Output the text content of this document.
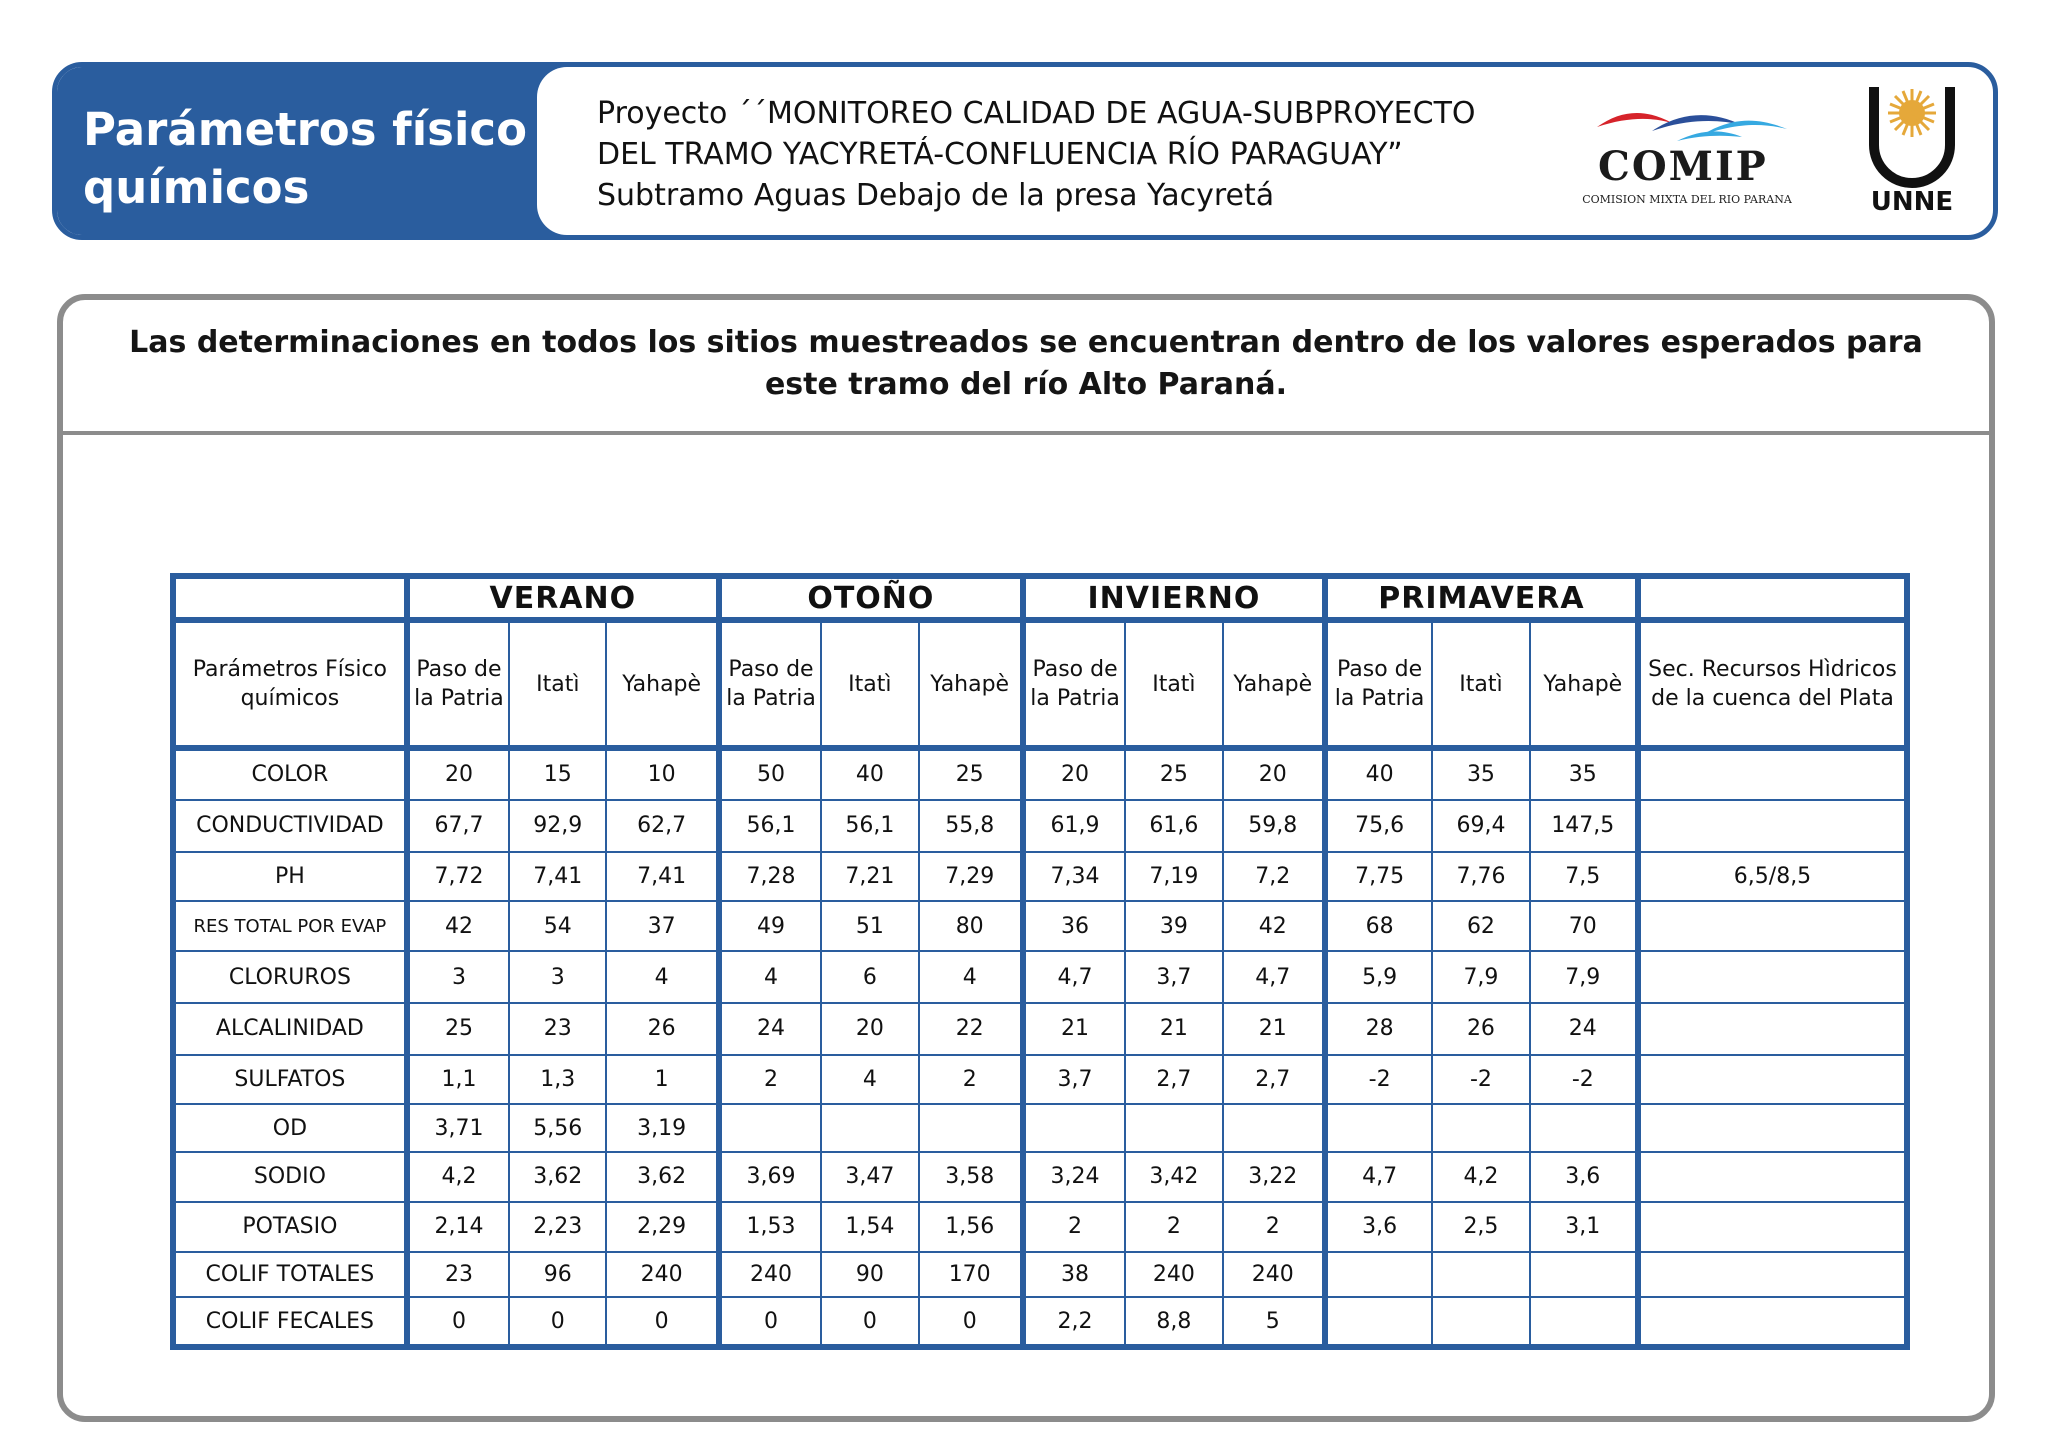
Parámetros físico
químicos
Proyecto ´´MONITOREO CALIDAD DE AGUA-SUBPROYECTO
DEL TRAMO YACYRETÁ-CONFLUENCIA RÍO PARAGUAY”
Subtramo Aguas Debajo de la presa Yacyretá
COMIP
COMISION MIXTA DEL RIO PARANA	UNNE
Las determinaciones en todos los sitios muestreados se encuentran dentro de los valores esperados para este tramo del río Alto Paraná.
	VERANO			OTOÑO			INVIERNO			PRIMAVERA			
Parámetros Físico químicos	Paso de la Patria	Itatì	Yahapè	Paso de la Patria	Itatì	Yahapè	Paso de la Patria	Itatì	Yahapè	Paso de la Patria	Itatì	Yahapè	Sec. Recursos Hìdricos de la cuenca del Plata
COLOR	20	15	10	50	40	25	20	25	20	40	35	35	
CONDUCTIVIDAD	67,7	92,9	62,7	56,1	56,1	55,8	61,9	61,6	59,8	75,6	69,4	147,5	
PH	7,72	7,41	7,41	7,28	7,21	7,29	7,34	7,19	7,2	7,75	7,76	7,5	6,5/8,5
RES TOTAL POR EVAP	42	54	37	49	51	80	36	39	42	68	62	70	
CLORUROS	3	3	4	4	6	4	4,7	3,7	4,7	5,9	7,9	7,9	
ALCALINIDAD	25	23	26	24	20	22	21	21	21	28	26	24	
SULFATOS	1,1	1,3	1	2	4	2	3,7	2,7	2,7	-2	-2	-2	
OD	3,71	5,56	3,19										
SODIO	4,2	3,62	3,62	3,69	3,47	3,58	3,24	3,42	3,22	4,7	4,2	3,6	
POTASIO	2,14	2,23	2,29	1,53	1,54	1,56	2	2	2	3,6	2,5	3,1	
COLIF TOTALES	23	96	240	240	90	170	38	240	240				
COLIF FECALES	0	0	0	0	0	0	2,2	8,8	5				
